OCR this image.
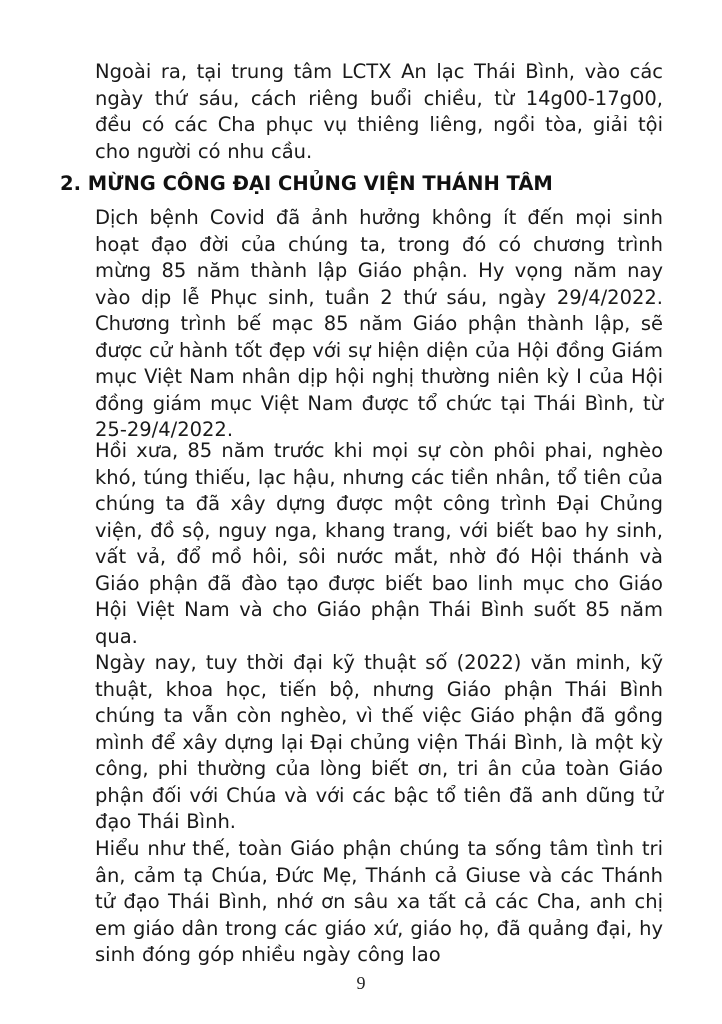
Ngoài ra, tại trung tâm LCTX An lạc Thái Bình, vào các ngày thứ sáu, cách riêng buổi chiều, từ 14g00-17g00, đều có các Cha phục vụ thiêng liêng, ngồi tòa, giải tội cho người có nhu cầu.

2. MỪNG CÔNG ĐẠI CHỦNG VIỆN THÁNH TÂM

Dịch bệnh Covid đã ảnh hưởng không ít đến mọi sinh hoạt đạo đời của chúng ta, trong đó có chương trình mừng 85 năm thành lập Giáo phận. Hy vọng năm nay vào dịp lễ Phục sinh, tuần 2 thứ sáu, ngày 29/4/2022. Chương trình bế mạc 85 năm Giáo phận thành lập, sẽ được cử hành tốt đẹp với sự hiện diện của Hội đồng Giám mục Việt Nam nhân dịp hội nghị thường niên kỳ I của Hội đồng giám mục Việt Nam được tổ chức tại Thái Bình, từ 25-29/4/2022.

Hồi xưa, 85 năm trước khi mọi sự còn phôi phai, nghèo khó, túng thiếu, lạc hậu, nhưng các tiền nhân, tổ tiên của chúng ta đã xây dựng được một công trình Đại Chủng viện, đồ sộ, nguy nga, khang trang, với biết bao hy sinh, vất vả, đổ mồ hôi, sôi nước mắt, nhờ đó Hội thánh và Giáo phận đã đào tạo được biết bao linh mục cho Giáo Hội Việt Nam và cho Giáo phận Thái Bình suốt 85 năm qua.

Ngày nay, tuy thời đại kỹ thuật số (2022) văn minh, kỹ thuật, khoa học, tiến bộ, nhưng Giáo phận Thái Bình chúng ta vẫn còn nghèo, vì thế việc Giáo phận đã gồng mình để xây dựng lại Đại chủng viện Thái Bình, là một kỳ công, phi thường của lòng biết ơn, tri ân của toàn Giáo phận đối với Chúa và với các bậc tổ tiên đã anh dũng tử đạo Thái Bình.

Hiểu như thế, toàn Giáo phận chúng ta sống tâm tình tri ân, cảm tạ Chúa, Đức Mẹ, Thánh cả Giuse và các Thánh tử đạo Thái Bình, nhớ ơn sâu xa tất cả các Cha, anh chị em giáo dân trong các giáo xứ, giáo họ, đã quảng đại, hy sinh đóng góp nhiều ngày công lao

9
